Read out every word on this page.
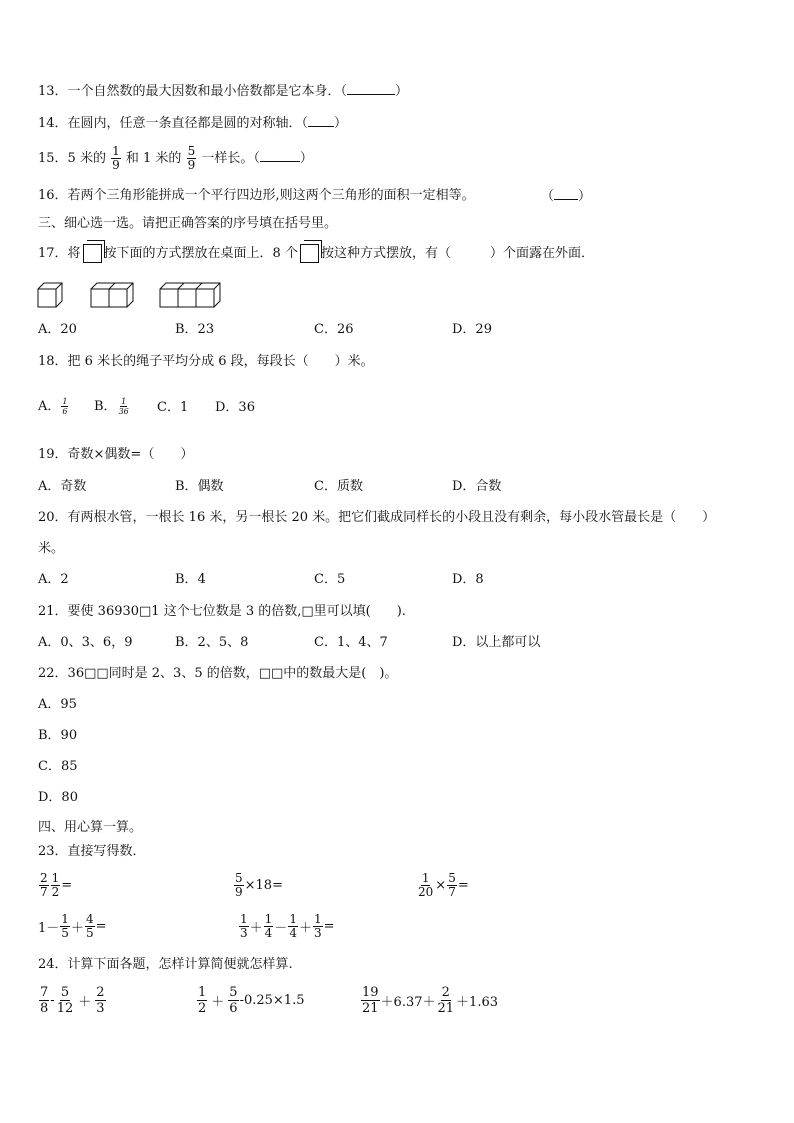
13．一个自然数的最大因数和最小倍数都是它本身．（	）
14．在圆内，任意一条直径都是圆的对称轴．（ ）
15．5 米的 $\frac{1}{9}$ 和 1 米的 $\frac{5}{9}$ 一样长。（	）
16．若两个三角形能拼成一个平行四边形,则这两个三角形的面积一定相等。	（ ）
三、细心选一选。请把正确答案的序号填在括号里。
17．将 按下面的方式摆放在桌面上．8 个 按这种方式摆放，有（　　　）个面露在外面．
A．20	B．23	C．26	D．29
18．把 6 米长的绳子平均分成 6 段，每段长（　　）米。
A． $\frac{1}{6}$ B． $\frac{1}{36}$ C．1 D．36
19．奇数×偶数=（　　）
A．奇数	B．偶数	C．质数	D．合数
20．有两根水管，一根长 16 米，另一根长 20 米。把它们截成同样长的小段且没有剩余，每小段水管最长是（　　）
米。
A．2	B．4	C．5	D．8
21．要使 36930□1 这个七位数是 3 的倍数,□里可以填(　　).
A．0、3、6，9	B．2、5、8	C．1、4、7	D．以上都可以
22．36□□同时是 2、3、5 的倍数，□□中的数最大是(　)。
A．95
B．90
C．85
D．80
四、用心算一算。
23．直接写得数．
$\frac{2}{7} \frac{1}{2}$ =	$\frac{5}{9} \times 18$ =	$\frac{1}{20} \times \frac{5}{7}$ =
$1- \frac{1}{5} + \frac{4}{5}$ =	$\frac{1}{3} + \frac{1}{4} - \frac{1}{4} + \frac{1}{3}$ =
24．计算下面各题，怎样计算简便就怎样算.
$\frac{7}{8} - \frac{5}{12} + \frac{2}{3}$	$\frac{1}{2} + \frac{5}{6} -0.25\times 1.5$	$\frac{19}{21} +6.37+ \frac{2}{21} +1.63$
